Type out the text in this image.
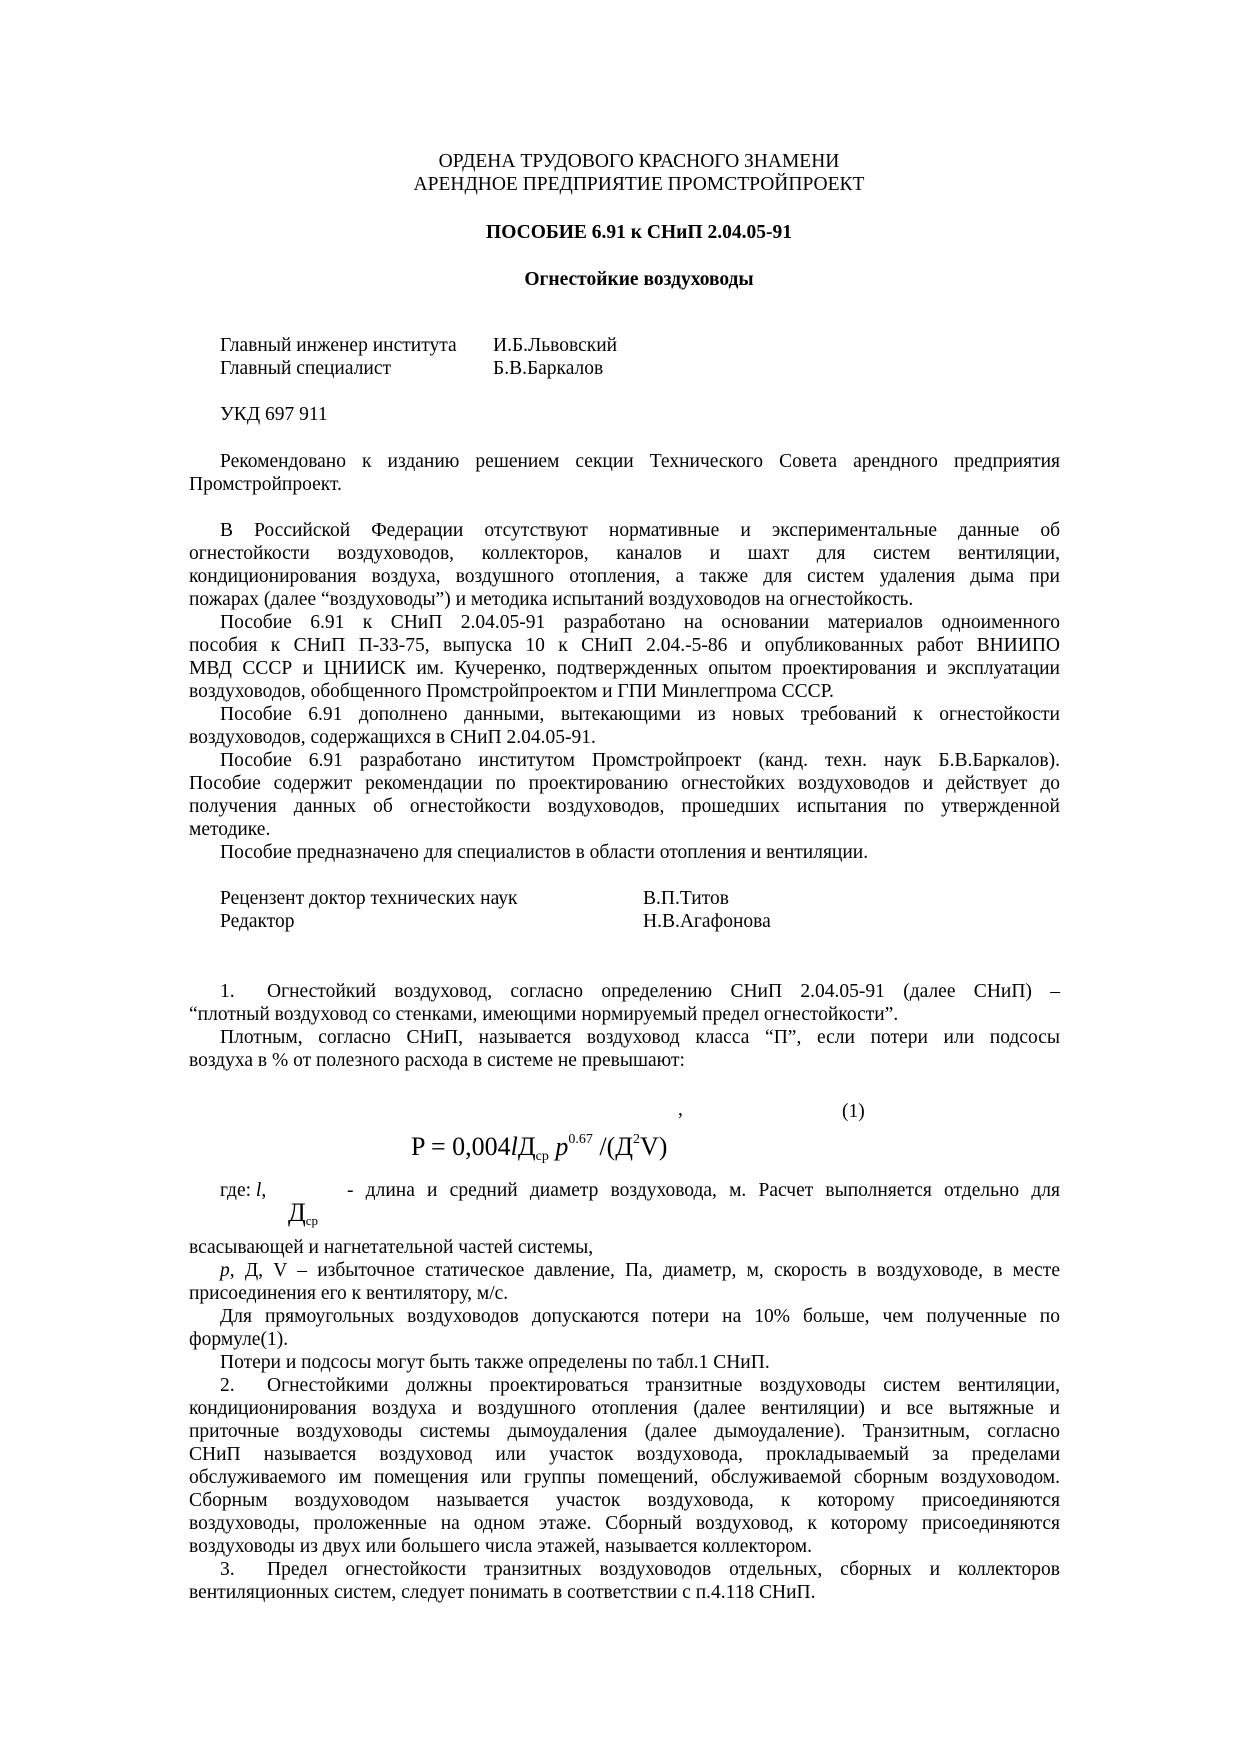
ОРДЕНА ТРУДОВОГО КРАСНОГО ЗНАМЕНИ
АРЕНДНОЕ ПРЕДПРИЯТИЕ ПРОМСТРОЙПРОЕКТ
ПОСОБИЕ 6.91 к СНиП 2.04.05-91
Огнестойкие воздуховоды
Главный инженер института И.Б.Львовский
Главный специалист	Б.В.Баркалов
УКД 697 911
Рецензент доктор технических наук	В.П.Титов
Редактор	Н.В.Агафонова
Рекомендовано к изданию решением секции Технического Совета арендного предприятия
Промстройпроект.
В Российской Федерации отсутствуют нормативные и экспериментальные данные об
огнестойкости воздуховодов, коллекторов, каналов и шахт для систем вентиляции,
кондиционирования воздуха, воздушного отопления, а также для систем удаления дыма при
пожарах (далее “воздуховоды”) и методика испытаний воздуховодов на огнестойкость.
Пособие 6.91 к СНиП 2.04.05-91 разработано на основании материалов одноименного
пособия к СНиП П-33-75, выпуска 10 к СНиП 2.04.-5-86 и опубликованных работ ВНИИПО
МВД СССР и ЦНИИСК им. Кучеренко, подтвержденных опытом проектирования и эксплуатации
воздуховодов, обобщенного Промстройпроектом и ГПИ Минлегпрома СССР.
Пособие 6.91 дополнено данными, вытекающими из новых требований к огнестойкости
воздуховодов, содержащихся в СНиП 2.04.05-91.
Пособие 6.91 разработано институтом Промстройпроект (канд. техн. наук Б.В.Баркалов).
Пособие содержит рекомендации по проектированию огнестойких воздуховодов и действует до
получения данных об огнестойкости воздуховодов, прошедших испытания по утвержденной
методике.
Пособие предназначено для специалистов в области отопления и вентиляции.
1. Огнестойкий воздуховод, согласно определению СНиП 2.04.05-91 (далее СНиП) –
“плотный воздуховод со стенками, имеющими нормируемый предел огнестойкости”.
Плотным, согласно СНиП, называется воздуховод класса “П”, если потери или подсосы
воздуха в % от полезного расхода в системе не превышают:
всасывающей и нагнетательной частей системы,
присоединения его к вентилятору, м/с.
Для прямоугольных воздуховодов допускаются потери на 10% больше, чем полученные по
формуле(1).
Потери и подсосы могут быть также определены по табл.1 СНиП.
2. Огнестойкими должны проектироваться транзитные воздуховоды систем вентиляции,
кондиционирования воздуха и воздушного отопления (далее вентиляции) и все вытяжные и
приточные воздуховоды системы дымоудаления (далее дымоудаление). Транзитным, согласно
СНиП называется воздуховод или участок воздуховода, прокладываемый за пределами
обслуживаемого им помещения или группы помещений, обслуживаемой сборным воздуховодом.
Сборным воздуховодом называется участок воздуховода, к которому присоединяются
воздуховоды, проложенные на одном этаже. Сборный воздуховод, к которому присоединяются
воздуховоды из двух или большего числа этажей, называется коллектором.
3. Предел огнестойкости транзитных воздуховодов отдельных, сборных и коллекторов
вентиляционных систем, следует понимать в соответствии с п.4.118 СНиП.
$P = 0,004lД_{ср}$ $p^{0.67}$ $/(Д^2V)$
,	(1)
где: l,
$Д_{ср}$
- длина и средний диаметр воздуховода, м. Расчет выполняется отдельно для
p, Д, V – избыточное статическое давление, Па, диаметр, м, скорость в воздуховоде, в месте
